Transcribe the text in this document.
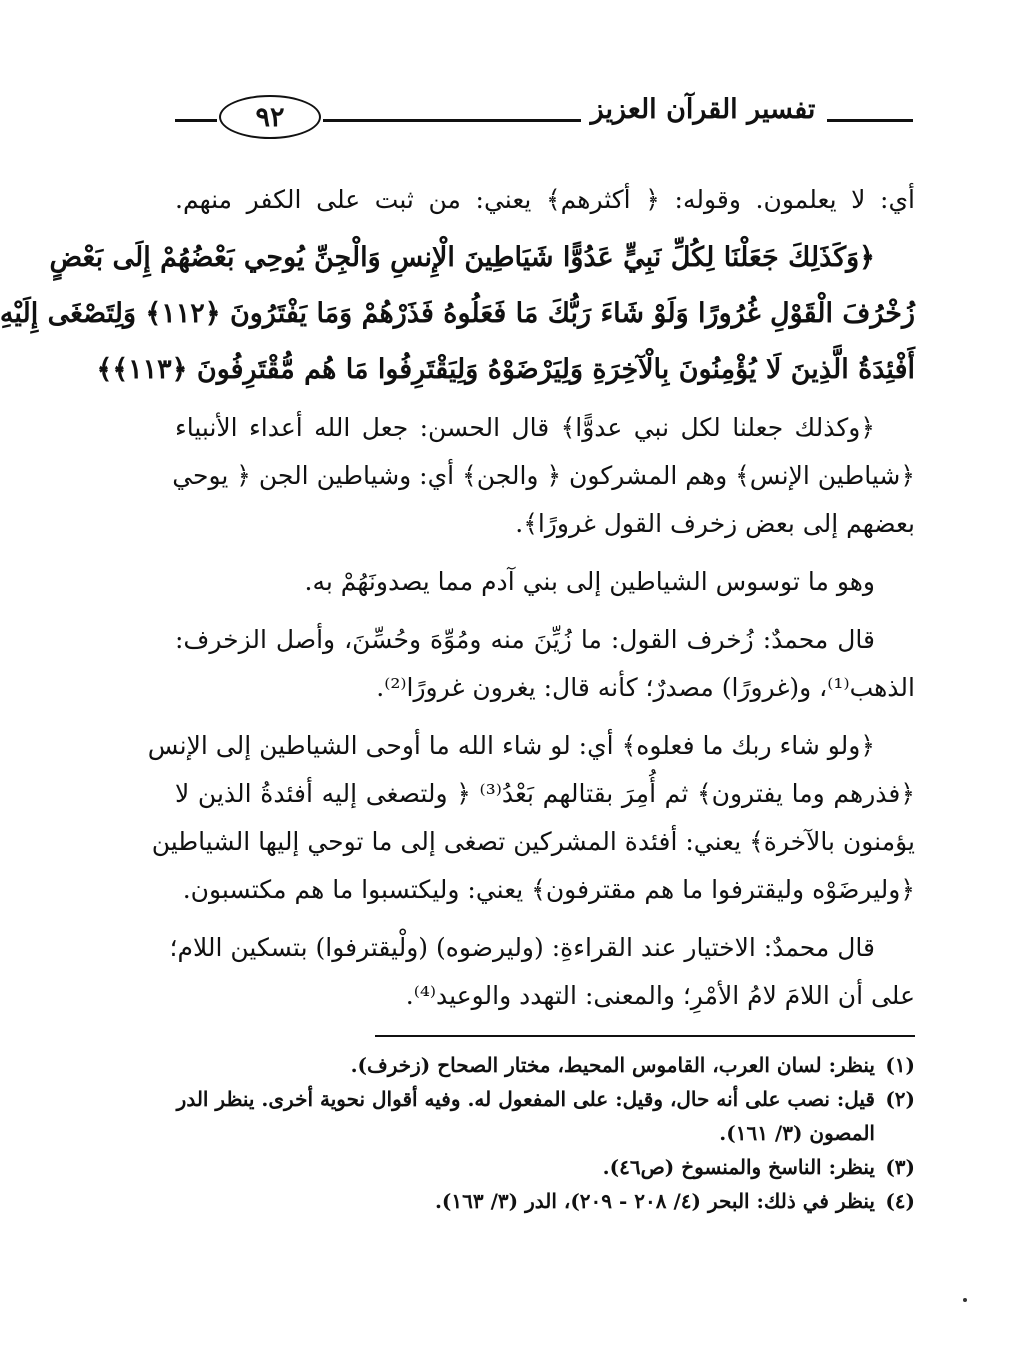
٩٢	تفسير القرآن العزيز
أي: لا يعلمون. وقوله: ﴿ أكثرهم﴾ يعني: من ثبت على الكفر منهم.
﴿وَكَذَلِكَ جَعَلْنَا لِكُلِّ نَبِيٍّ عَدُوًّا شَيَاطِينَ الْإِنسِ وَالْجِنِّ يُوحِي بَعْضُهُمْ إِلَى بَعْضٍ
زُخْرُفَ الْقَوْلِ غُرُورًا وَلَوْ شَاءَ رَبُّكَ مَا فَعَلُوهُ فَذَرْهُمْ وَمَا يَفْتَرُونَ ﴿١١٢﴾ وَلِتَصْغَى إِلَيْهِ
أَفْئِدَةُ الَّذِينَ لَا يُؤْمِنُونَ بِالْآخِرَةِ وَلِيَرْضَوْهُ وَلِيَقْتَرِفُوا مَا هُم مُّقْتَرِفُونَ ﴿١١٣﴾﴾
﴿وكذلك جعلنا لكل نبي عدوًّا﴾ قال الحسن: جعل الله أعداء الأنبياء
﴿شياطين الإنس﴾ وهم المشركون ﴿ والجن﴾ أي: وشياطين الجن ﴿ يوحي
بعضهم إلى بعض زخرف القول غرورًا﴾.
وهو ما توسوس الشياطين إلى بني آدم مما يصدونَهُمْ به.
قال محمدٌ: زُخرف القول: ما زُيِّنَ منه ومُوِّهَ وحُسِّنَ، وأصل الزخرف:
الذهب⁽¹⁾، و(غرورًا) مصدرٌ؛ كأنه قال: يغرون غرورًا⁽²⁾.
﴿ولو شاء ربك ما فعلوه﴾ أي: لو شاء الله ما أوحى الشياطين إلى الإنس
﴿فذرهم وما يفترون﴾ ثم أُمِرَ بقتالهم بَعْدُ⁽³⁾ ﴿ ولتصغى إليه أفئدةُ الذين لا
يؤمنون بالآخرة﴾ يعني: أفئدة المشركين تصغى إلى ما توحي إليها الشياطين
﴿وليرضَوْه وليقترفوا ما هم مقترفون﴾ يعني: وليكتسبوا ما هم مكتسبون.
قال محمدٌ: الاختيار عند القراءةِ: (وليرضوه) (ولْيقترفوا) بتسكين اللام؛
على أن اللامَ لامُ الأمْرِ؛ والمعنى: التهدد والوعيد⁽⁴⁾.
(١)ينظر: لسان العرب، القاموس المحيط، مختار الصحاح (زخرف).
(٢)قيل: نصب على أنه حال، وقيل: على المفعول له. وفيه أقوال نحوية أخرى. ينظر الدر
المصون (٣/ ١٦١).
(٣)ينظر: الناسخ والمنسوخ (ص٤٦).
(٤)ينظر في ذلك: البحر (٤/ ٢٠٨ - ٢٠٩)، الدر (٣/ ١٦٣).
